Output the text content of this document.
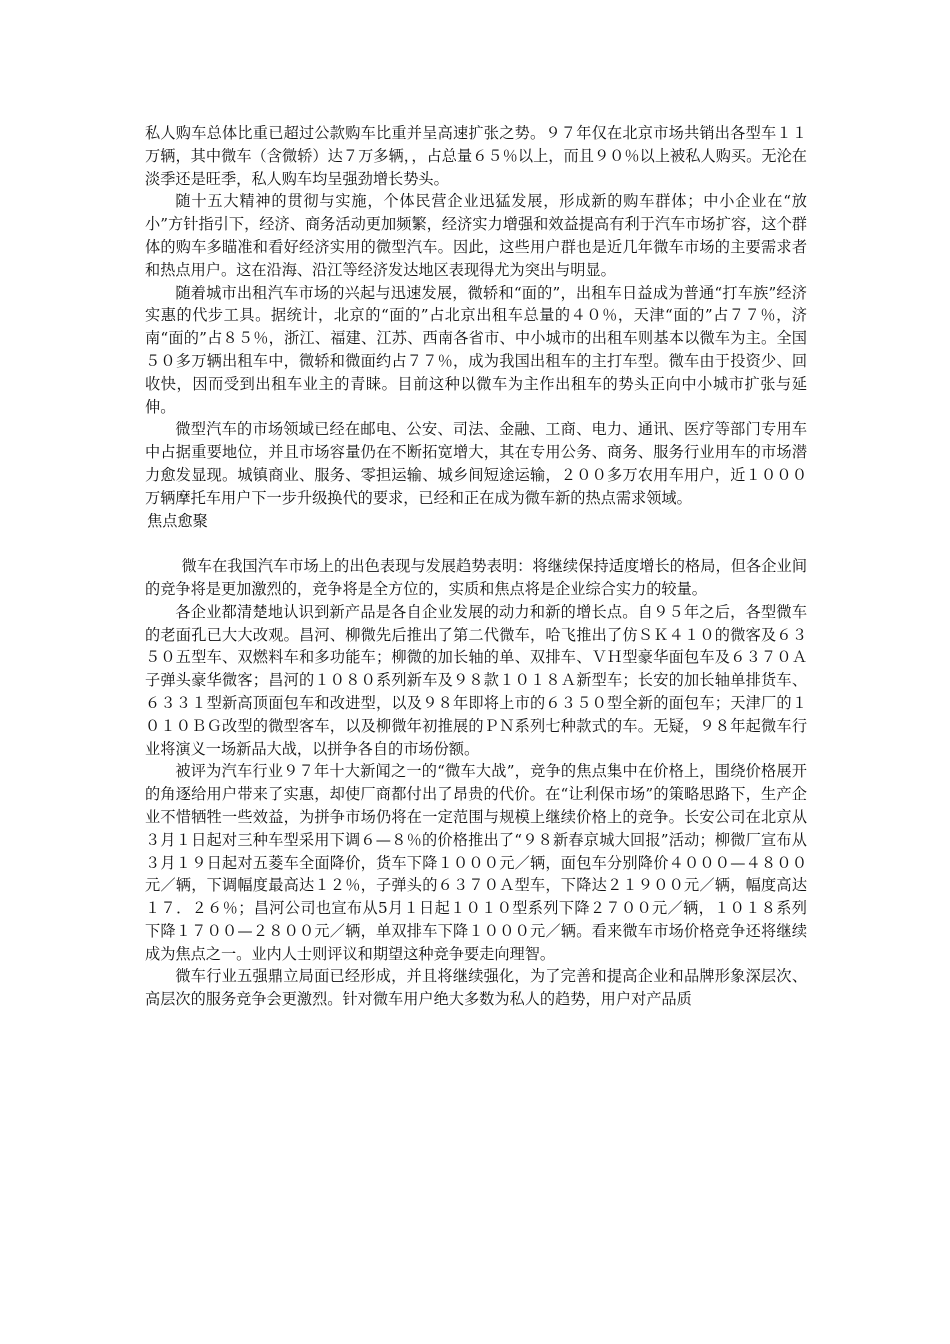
私人购车总体比重已超过公款购车比重并呈高速扩张之势。９７年仅在北京市场共销出各型车１１万辆，其中微车（含微轿）达７万多辆，，占总量６５％以上，而且９０％以上被私人购买。无沦在淡季还是旺季，私人购车均呈强劲增长势头。

随十五大精神的贯彻与实施，个体民营企业迅猛发展，形成新的购车群体；中小企业在“放小”方针指引下，经济、商务活动更加频繁，经济实力增强和效益提高有利于汽车市场扩容，这个群体的购车多瞄准和看好经济实用的微型汽车。因此，这些用户群也是近几年微车市场的主要需求者和热点用户。这在沿海、沿江等经济发达地区表现得尤为突出与明显。

随着城市出租汽车市场的兴起与迅速发展，微轿和“面的”，出租车日益成为普通“打车族”经济实惠的代步工具。据统计，北京的“面的”占北京出租车总量的４０％，天津“面的”占７７％，济南“面的”占８５％，浙江、福建、江苏、西南各省市、中小城市的出租车则基本以微车为主。全国５０多万辆出租车中，微轿和微面约占７７％，成为我国出租车的主打车型。微车由于投资少、回收快，因而受到出租车业主的青睐。目前这种以微车为主作出租车的势头正向中小城市扩张与延伸。

微型汽车的市场领域已经在邮电、公安、司法、金融、工商、电力、通讯、医疗等部门专用车中占据重要地位，并且市场容量仍在不断拓宽增大，其在专用公务、商务、服务行业用车的市场潜力愈发显现。城镇商业、服务、零担运输、城乡间短途运输，２００多万农用车用户，近１０００万辆摩托车用户下一步升级换代的要求，已经和正在成为微车新的热点需求领域。

焦点愈聚

微车在我国汽车市场上的出色表现与发展趋势表明：将继续保持适度增长的格局，但各企业间的竞争将是更加激烈的，竞争将是全方位的，实质和焦点将是企业综合实力的较量。

各企业都清楚地认识到新产品是各自企业发展的动力和新的增长点。自９５年之后，各型微车的老面孔已大大改观。昌河、柳微先后推出了第二代微车，哈飞推出了仿ＳＫ４１０的微客及６３５０五型车、双燃料车和多功能车；柳微的加长轴的单、双排车、ＶＨ型豪华面包车及６３７０Ａ子弹头豪华微客；昌河的１０８０系列新车及９８款１０１８Ａ新型车；长安的加长轴单排货车、６３３１型新高顶面包车和改进型，以及９８年即将上市的６３５０型全新的面包车；天津厂的１０１０ＢＧ改型的微型客车，以及柳微年初推展的ＰＮ系列七种款式的车。无疑，９８年起微车行业将演义一场新品大战，以拼争各自的市场份额。

被评为汽车行业９７年十大新闻之一的“微车大战”，竞争的焦点集中在价格上，围绕价格展开的角逐给用户带来了实惠，却使厂商都付出了昂贵的代价。在“让利保市场”的策略思路下，生产企业不惜牺牲一些效益，为拼争市场仍将在一定范围与规模上继续价格上的竞争。长安公司在北京从３月１日起对三种车型采用下调６—８％的价格推出了“９８新春京城大回报”活动；柳微厂宣布从３月１９日起对五菱车全面降价，货车下降１０００元／辆，面包车分别降价４０００—４８００元／辆，下调幅度最高达１２％，子弹头的６３７０Ａ型车，下降达２１９００元／辆，幅度高达１７．２６％；昌河公司也宣布从5月１日起１０１０型系列下降２７００元／辆，１０１８系列下降１７００—２８００元／辆，单双排车下降１０００元／辆。看来微车市场价格竞争还将继续成为焦点之一。业内人士则评议和期望这种竞争要走向理智。

微车行业五强鼎立局面已经形成，并且将继续强化，为了完善和提高企业和品牌形象深层次、高层次的服务竞争会更激烈。针对微车用户绝大多数为私人的趋势，用户对产品质
